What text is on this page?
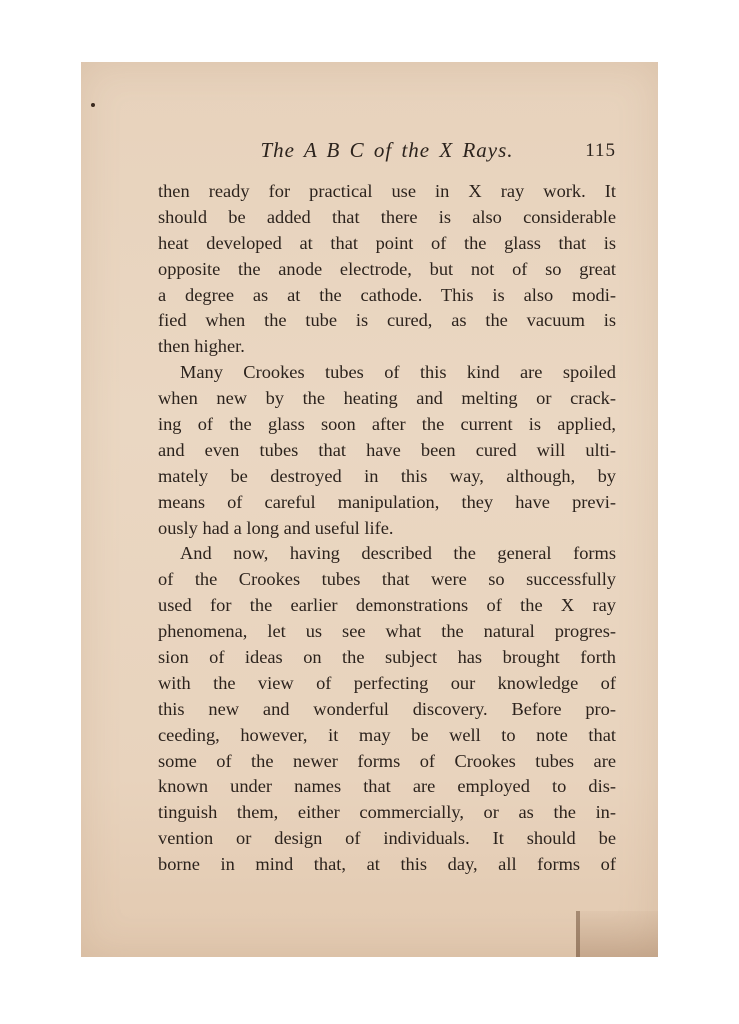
The A B C of the X Rays.	115
then ready for practical use in X ray work. It
should be added that there is also considerable
heat developed at that point of the glass that is
opposite the anode electrode, but not of so great
a degree as at the cathode. This is also modi-
fied when the tube is cured, as the vacuum is
then higher.
Many Crookes tubes of this kind are spoiled
when new by the heating and melting or crack-
ing of the glass soon after the current is applied,
and even tubes that have been cured will ulti-
mately be destroyed in this way, although, by
means of careful manipulation, they have previ-
ously had a long and useful life.
And now, having described the general forms
of the Crookes tubes that were so successfully
used for the earlier demonstrations of the X ray
phenomena, let us see what the natural progres-
sion of ideas on the subject has brought forth
with the view of perfecting our knowledge of
this new and wonderful discovery. Before pro-
ceeding, however, it may be well to note that
some of the newer forms of Crookes tubes are
known under names that are employed to dis-
tinguish them, either commercially, or as the in-
vention or design of individuals. It should be
borne in mind that, at this day, all forms of
